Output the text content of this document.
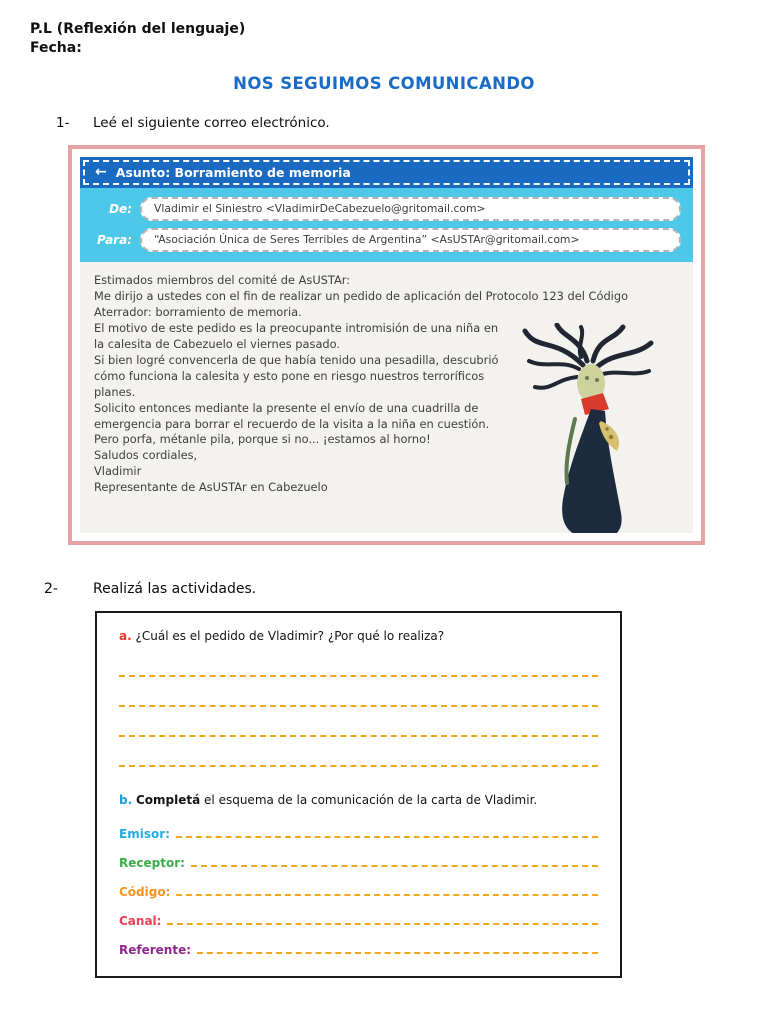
P.L (Reflexión del lenguaje)
Fecha:
NOS SEGUIMOS COMUNICANDO
1-	Leé el siguiente correo electrónico.
← Asunto: Borramiento de memoria
De:	Vladimir el Siniestro <VladimirDeCabezuelo@gritomail.com>
Para:	“Asociación Única de Seres Terribles de Argentina” <AsUSTAr@gritomail.com>

Estimados miembros del comité de AsUSTAr:

Me dirijo a ustedes con el fin de realizar un pedido de aplicación del Protocolo 123 del Código Aterrador: borramiento de memoria.

El motivo de este pedido es la preocupante intromisión de una niña en la calesita de Cabezuelo el viernes pasado.

Si bien logré convencerla de que había tenido una pesadilla, descubrió cómo funciona la calesita y esto pone en riesgo nuestros terroríficos planes.

Solicito entonces mediante la presente el envío de una cuadrilla de emergencia para borrar el recuerdo de la visita a la niña en cuestión.

Pero porfa, métanle pila, porque si no... ¡estamos al horno!

Saludos cordiales,

Vladimir

Representante de AsUSTAr en Cabezuelo

2-	Realizá las actividades.

a. ¿Cuál es el pedido de Vladimir? ¿Por qué lo realiza?

b. Completá el esquema de la comunicación de la carta de Vladimir.

Emisor:
Receptor:
Código:
Canal:
Referente:
